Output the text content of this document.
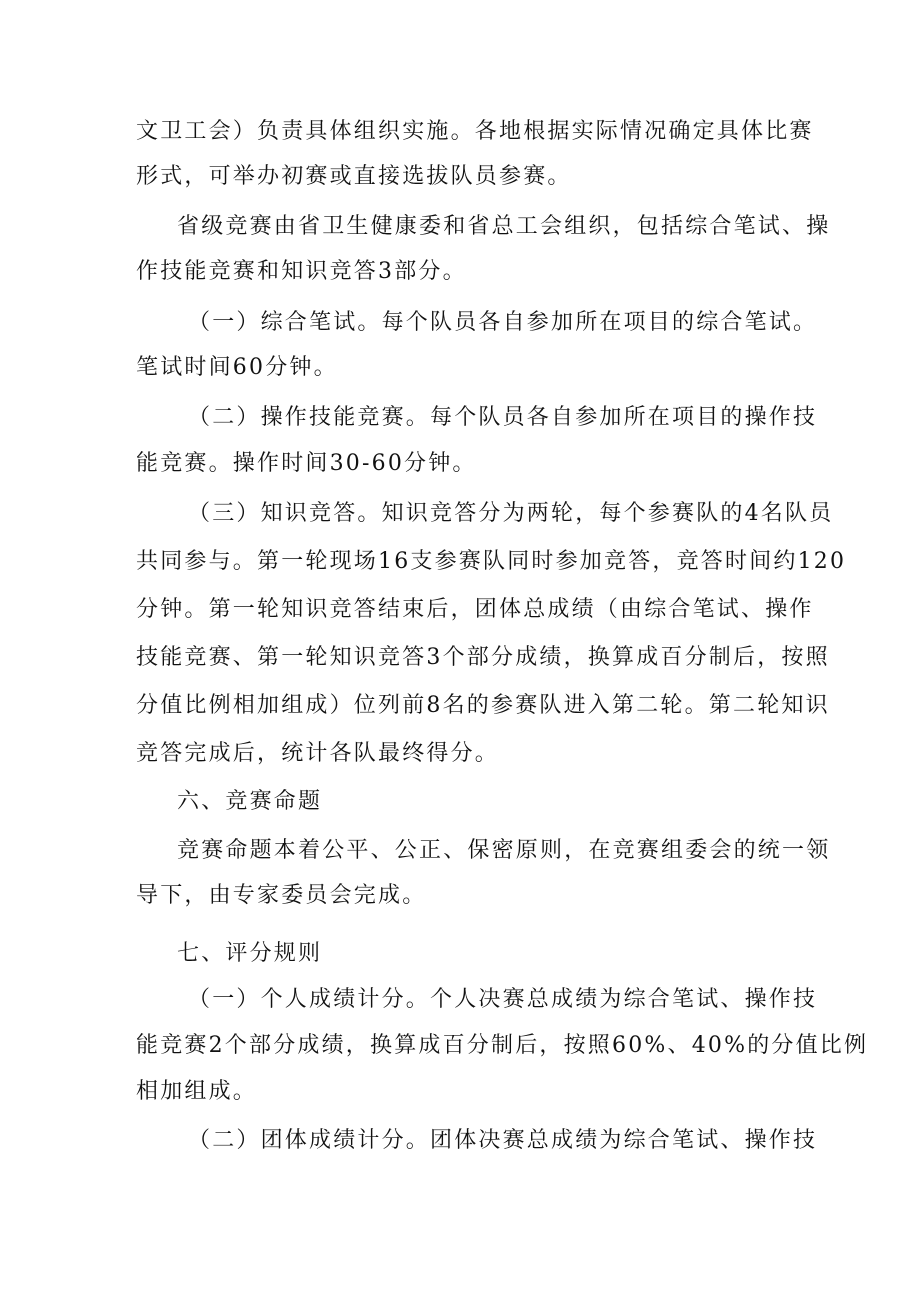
文卫工会）负责具体组织实施。各地根据实际情况确定具体比赛
形式，可举办初赛或直接选拔队员参赛。
省级竞赛由省卫生健康委和省总工会组织，包括综合笔试、操
作技能竞赛和知识竞答3部分。
（一）综合笔试。每个队员各自参加所在项目的综合笔试。
笔试时间60分钟。
（二）操作技能竞赛。每个队员各自参加所在项目的操作技
能竞赛。操作时间30-60分钟。
（三）知识竞答。知识竞答分为两轮，每个参赛队的4名队员
共同参与。第一轮现场16支参赛队同时参加竞答，竞答时间约120
分钟。第一轮知识竞答结束后，团体总成绩（由综合笔试、操作
技能竞赛、第一轮知识竞答3个部分成绩，换算成百分制后，按照
分值比例相加组成）位列前8名的参赛队进入第二轮。第二轮知识
竞答完成后，统计各队最终得分。
六、竞赛命题
竞赛命题本着公平、公正、保密原则，在竞赛组委会的统一领
导下，由专家委员会完成。
七、评分规则
（一）个人成绩计分。个人决赛总成绩为综合笔试、操作技
能竞赛2个部分成绩，换算成百分制后，按照60%、40%的分值比例
相加组成。
（二）团体成绩计分。团体决赛总成绩为综合笔试、操作技
